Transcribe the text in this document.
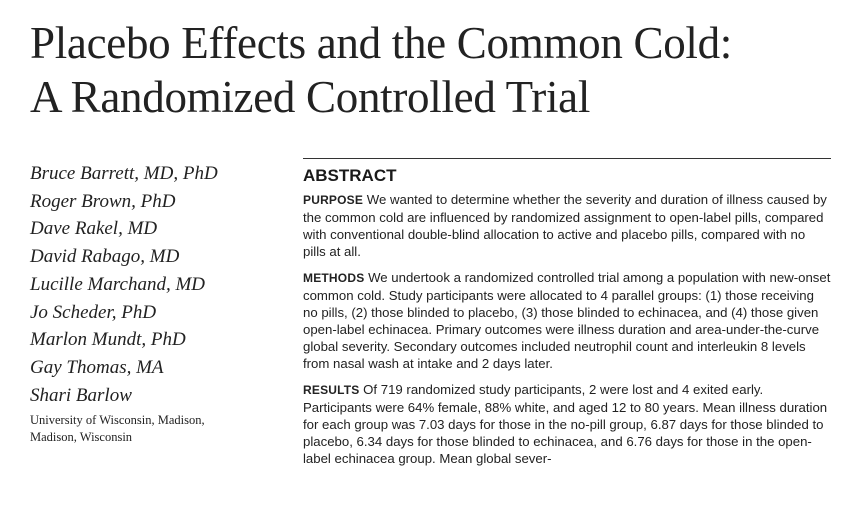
Placebo Effects and the Common Cold:
A Randomized Controlled Trial
Bruce Barrett, MD, PhD
Roger Brown, PhD
Dave Rakel, MD
David Rabago, MD
Lucille Marchand, MD
Jo Scheder, PhD
Marlon Mundt, PhD
Gay Thomas, MA
Shari Barlow
University of Wisconsin, Madison,
Madison, Wisconsin
ABSTRACT

PURPOSE We wanted to determine whether the severity and duration of illness caused by the common cold are influenced by randomized assignment to open-label pills, compared with conventional double-blind allocation to active and placebo pills, compared with no pills at all.

METHODS We undertook a randomized controlled trial among a population with new-onset common cold. Study participants were allocated to 4 parallel groups: (1) those receiving no pills, (2) those blinded to placebo, (3) those blinded to echinacea, and (4) those given open-label echinacea. Primary outcomes were illness duration and area-under-the-curve global severity. Secondary outcomes included neutrophil count and interleukin 8 levels from nasal wash at intake and 2 days later.

RESULTS Of 719 randomized study participants, 2 were lost and 4 exited early. Participants were 64% female, 88% white, and aged 12 to 80 years. Mean illness duration for each group was 7.03 days for those in the no-pill group, 6.87 days for those blinded to placebo, 6.34 days for those blinded to echinacea, and 6.76 days for those in the open-label echinacea group. Mean global sever-
